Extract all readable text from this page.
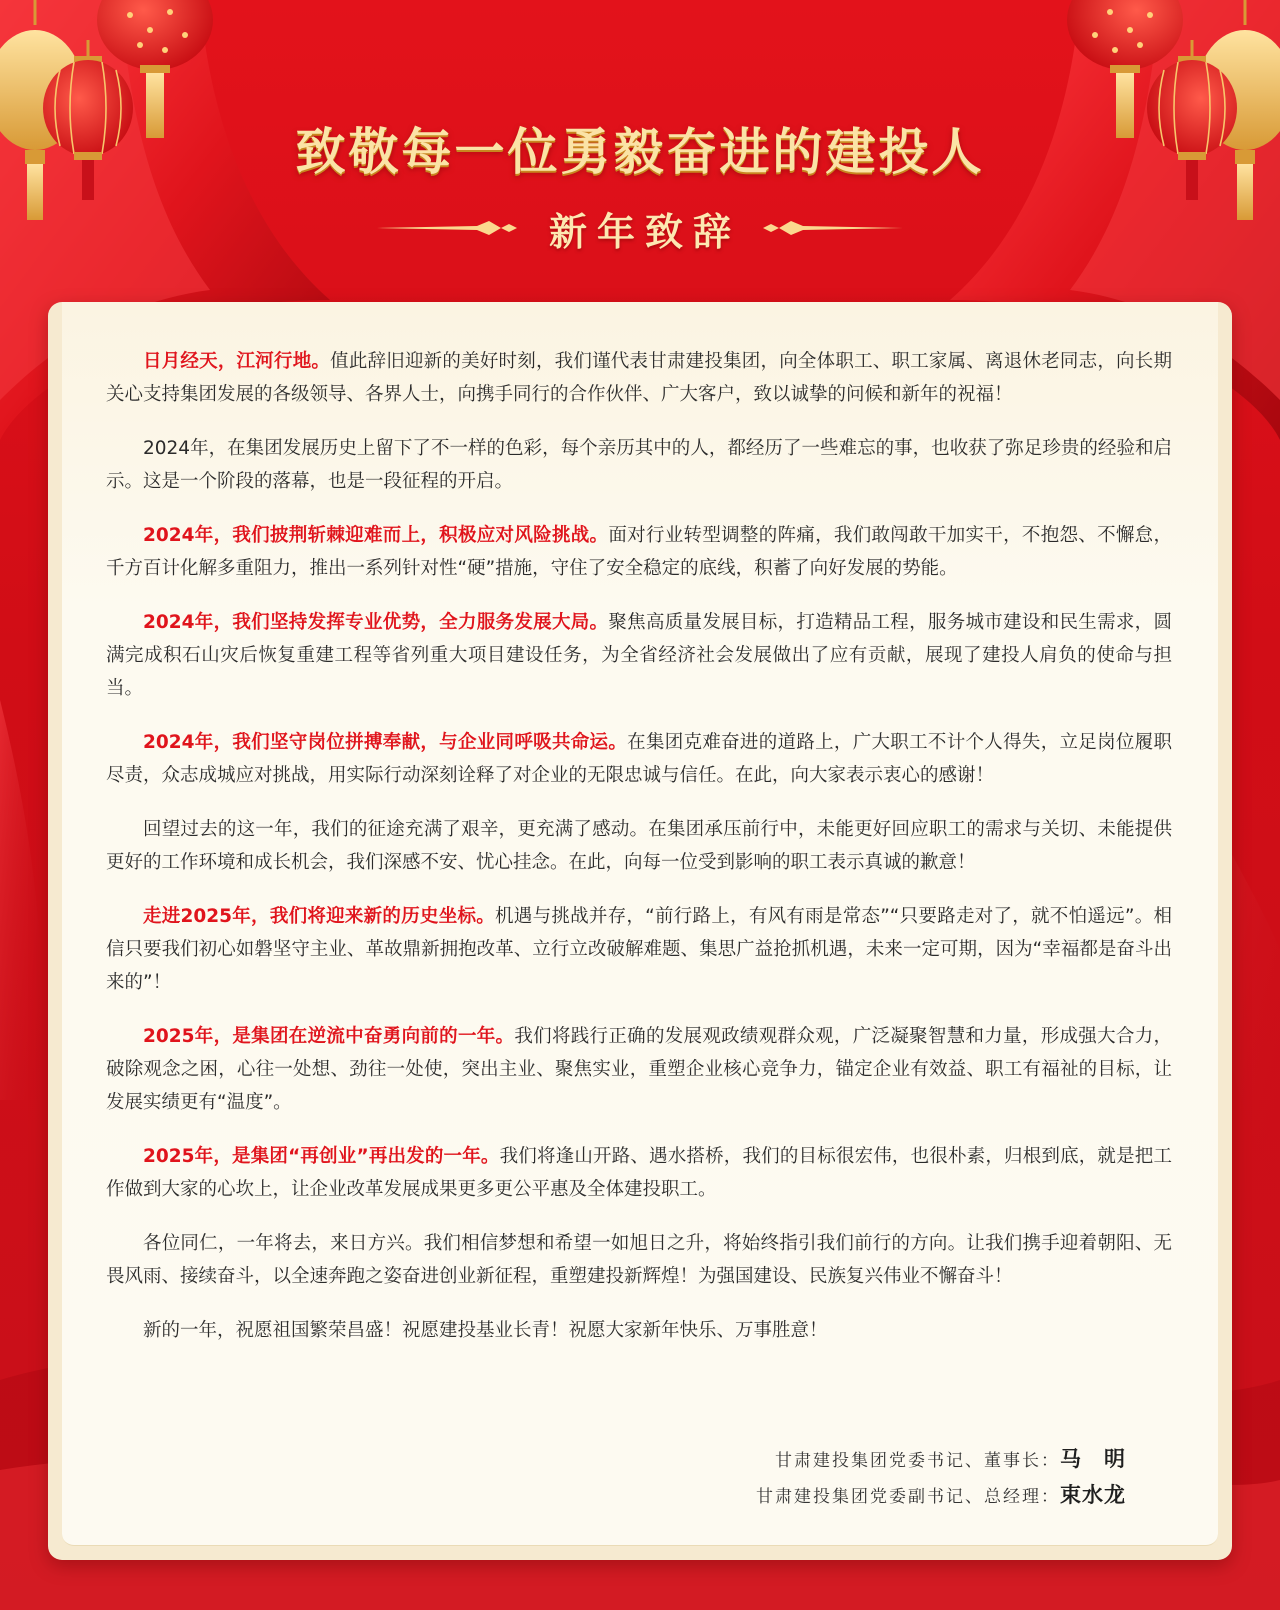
致敬每一位勇毅奋进的建投人
新年致辞

日月经天，江河行地。值此辞旧迎新的美好时刻，我们谨代表甘肃建投集团，向全体职工、职工家属、离退休老同志，向长期关心支持集团发展的各级领导、各界人士，向携手同行的合作伙伴、广大客户，致以诚挚的问候和新年的祝福！

2024年，在集团发展历史上留下了不一样的色彩，每个亲历其中的人，都经历了一些难忘的事，也收获了弥足珍贵的经验和启示。这是一个阶段的落幕，也是一段征程的开启。

2024年，我们披荆斩棘迎难而上，积极应对风险挑战。面对行业转型调整的阵痛，我们敢闯敢干加实干，不抱怨、不懈怠，千方百计化解多重阻力，推出一系列针对性“硬”措施，守住了安全稳定的底线，积蓄了向好发展的势能。

2024年，我们坚持发挥专业优势，全力服务发展大局。聚焦高质量发展目标，打造精品工程，服务城市建设和民生需求，圆满完成积石山灾后恢复重建工程等省列重大项目建设任务，为全省经济社会发展做出了应有贡献，展现了建投人肩负的使命与担当。

2024年，我们坚守岗位拼搏奉献，与企业同呼吸共命运。在集团克难奋进的道路上，广大职工不计个人得失，立足岗位履职尽责，众志成城应对挑战，用实际行动深刻诠释了对企业的无限忠诚与信任。在此，向大家表示衷心的感谢！

回望过去的这一年，我们的征途充满了艰辛，更充满了感动。在集团承压前行中，未能更好回应职工的需求与关切、未能提供更好的工作环境和成长机会，我们深感不安、忧心挂念。在此，向每一位受到影响的职工表示真诚的歉意！

走进2025年，我们将迎来新的历史坐标。机遇与挑战并存，“前行路上，有风有雨是常态”“只要路走对了，就不怕遥远”。相信只要我们初心如磐坚守主业、革故鼎新拥抱改革、立行立改破解难题、集思广益抢抓机遇，未来一定可期，因为“幸福都是奋斗出来的”！

2025年，是集团在逆流中奋勇向前的一年。我们将践行正确的发展观政绩观群众观，广泛凝聚智慧和力量，形成强大合力，破除观念之困，心往一处想、劲往一处使，突出主业、聚焦实业，重塑企业核心竞争力，锚定企业有效益、职工有福祉的目标，让发展实绩更有“温度”。

2025年，是集团“再创业”再出发的一年。我们将逢山开路、遇水搭桥，我们的目标很宏伟，也很朴素，归根到底，就是把工作做到大家的心坎上，让企业改革发展成果更多更公平惠及全体建投职工。

各位同仁，一年将去，来日方兴。我们相信梦想和希望一如旭日之升，将始终指引我们前行的方向。让我们携手迎着朝阳、无畏风雨、接续奋斗，以全速奔跑之姿奋进创业新征程，重塑建投新辉煌！为强国建设、民族复兴伟业不懈奋斗！

新的一年，祝愿祖国繁荣昌盛！祝愿建投基业长青！祝愿大家新年快乐、万事胜意！

甘肃建投集团党委书记、董事长： 马　明
甘肃建投集团党委副书记、总经理： 束水龙
